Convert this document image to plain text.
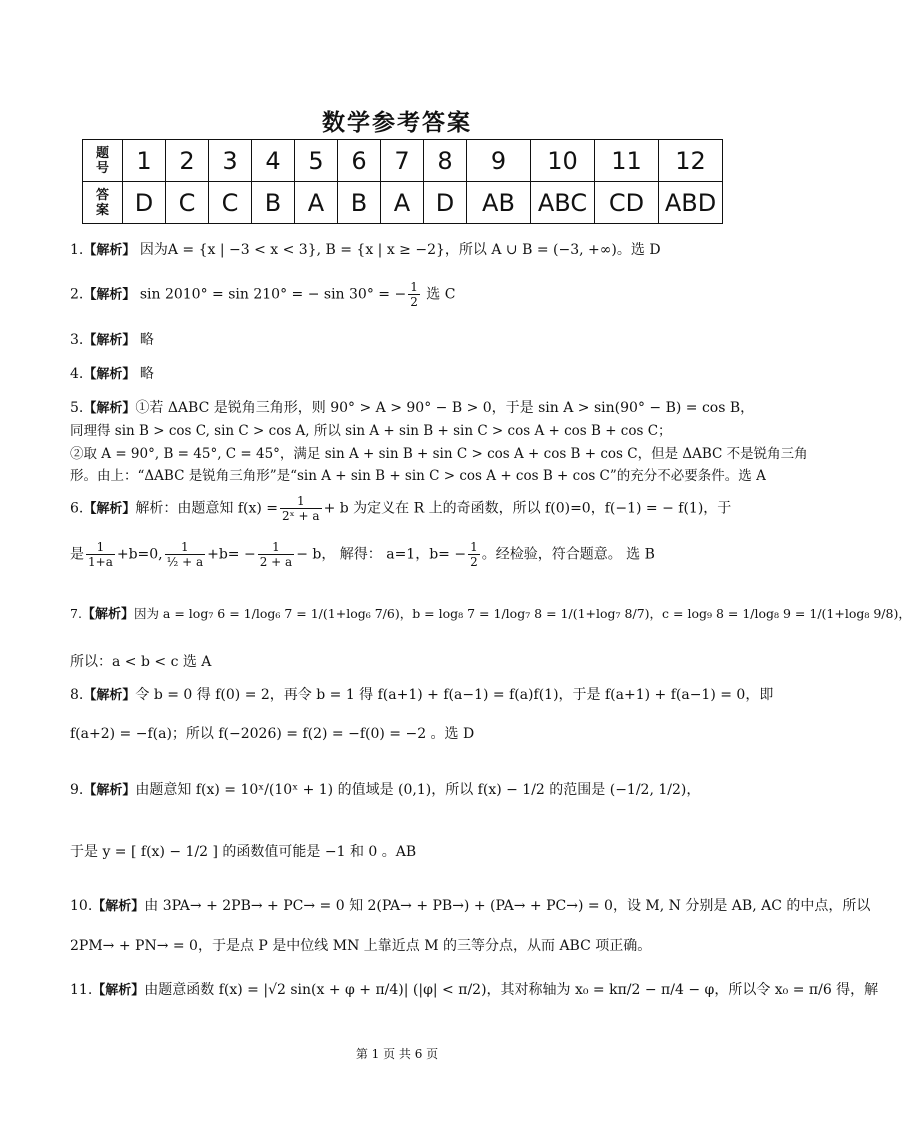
数学参考答案
题
号	1	2	3	4	5	6	7	8	9	10	11	12

答
案	D	C	C	B	A	B	A	D	AB	ABC	CD	ABD
1.【解析】 因为A = {x | −3 < x < 3}, B = {x | x ≥ −2}，所以 A ∪ B = (−3, +∞)。选 D
2.【解析】 sin 2010° = sin 210° = − sin 30° = − $\frac{1}{2}$ 选 C
3.【解析】 略
4.【解析】 略
5.【解析】①若 ΔABC 是锐角三角形，则 90° > A > 90° − B > 0，于是 sin A > sin(90° − B) = cos B，
同理得 sin B > cos C, sin C > cos A, 所以 sin A + sin B + sin C > cos A + cos B + cos C；
②取 A = 90°, B = 45°, C = 45°，满足 sin A + sin B + sin C > cos A + cos B + cos C，但是 ΔABC 不是锐角三角
形。由上：“ΔABC 是锐角三角形”是“sin A + sin B + sin C > cos A + cos B + cos C”的充分不必要条件。选 A
6.【解析】解析：由题意知 $f(x) = \frac{1}{\text{2ˣ + a}} + b$ 为定义在 R 上的奇函数，所以 f(0)=0，f(−1) = − f(1)，于
是 $\frac{1}{1+a} +b=0$, $\frac{1}{\text{½ + a}} +b= - \frac{1}{2 + a} - b$， 解得： a=1，$b= - \frac{1}{2}$ 。经检验，符合题意。 选 B
7.【解析】因为 a = log₇ 6 = 1/log₆ 7 = 1/(1+log₆ 7/6)，b = log₈ 7 = 1/log₇ 8 = 1/(1+log₇ 8/7)，c = log₉ 8 = 1/log₈ 9 = 1/(1+log₈ 9/8)，
所以：a < b < c 选 A
8.【解析】令 b = 0 得 f(0) = 2，再令 b = 1 得 f(a+1) + f(a−1) = f(a)f(1)，于是 f(a+1) + f(a−1) = 0，即
f(a+2) = −f(a)；所以 f(−2026) = f(2) = −f(0) = −2 。选 D
9.【解析】由题意知 f(x) = 10ˣ/(10ˣ + 1) 的值域是 (0,1)，所以 f(x) − 1/2 的范围是 (−1/2, 1/2)，
于是 y = [ f(x) − 1/2 ] 的函数值可能是 −1 和 0 。AB
10.【解析】由 3PA→ + 2PB→ + PC→ = 0 知 2(PA→ + PB→) + (PA→ + PC→) = 0，设 M, N 分别是 AB, AC 的中点，所以
2PM→ + PN→ = 0，于是点 P 是中位线 MN 上靠近点 M 的三等分点，从而 ABC 项正确。
11.【解析】由题意函数 f(x) = |√2 sin(x + φ + π/4)| (|φ| < π/2)，其对称轴为 x₀ = kπ/2 − π/4 − φ，所以令 x₀ = π/6 得，解
第 1 页 共 6 页
